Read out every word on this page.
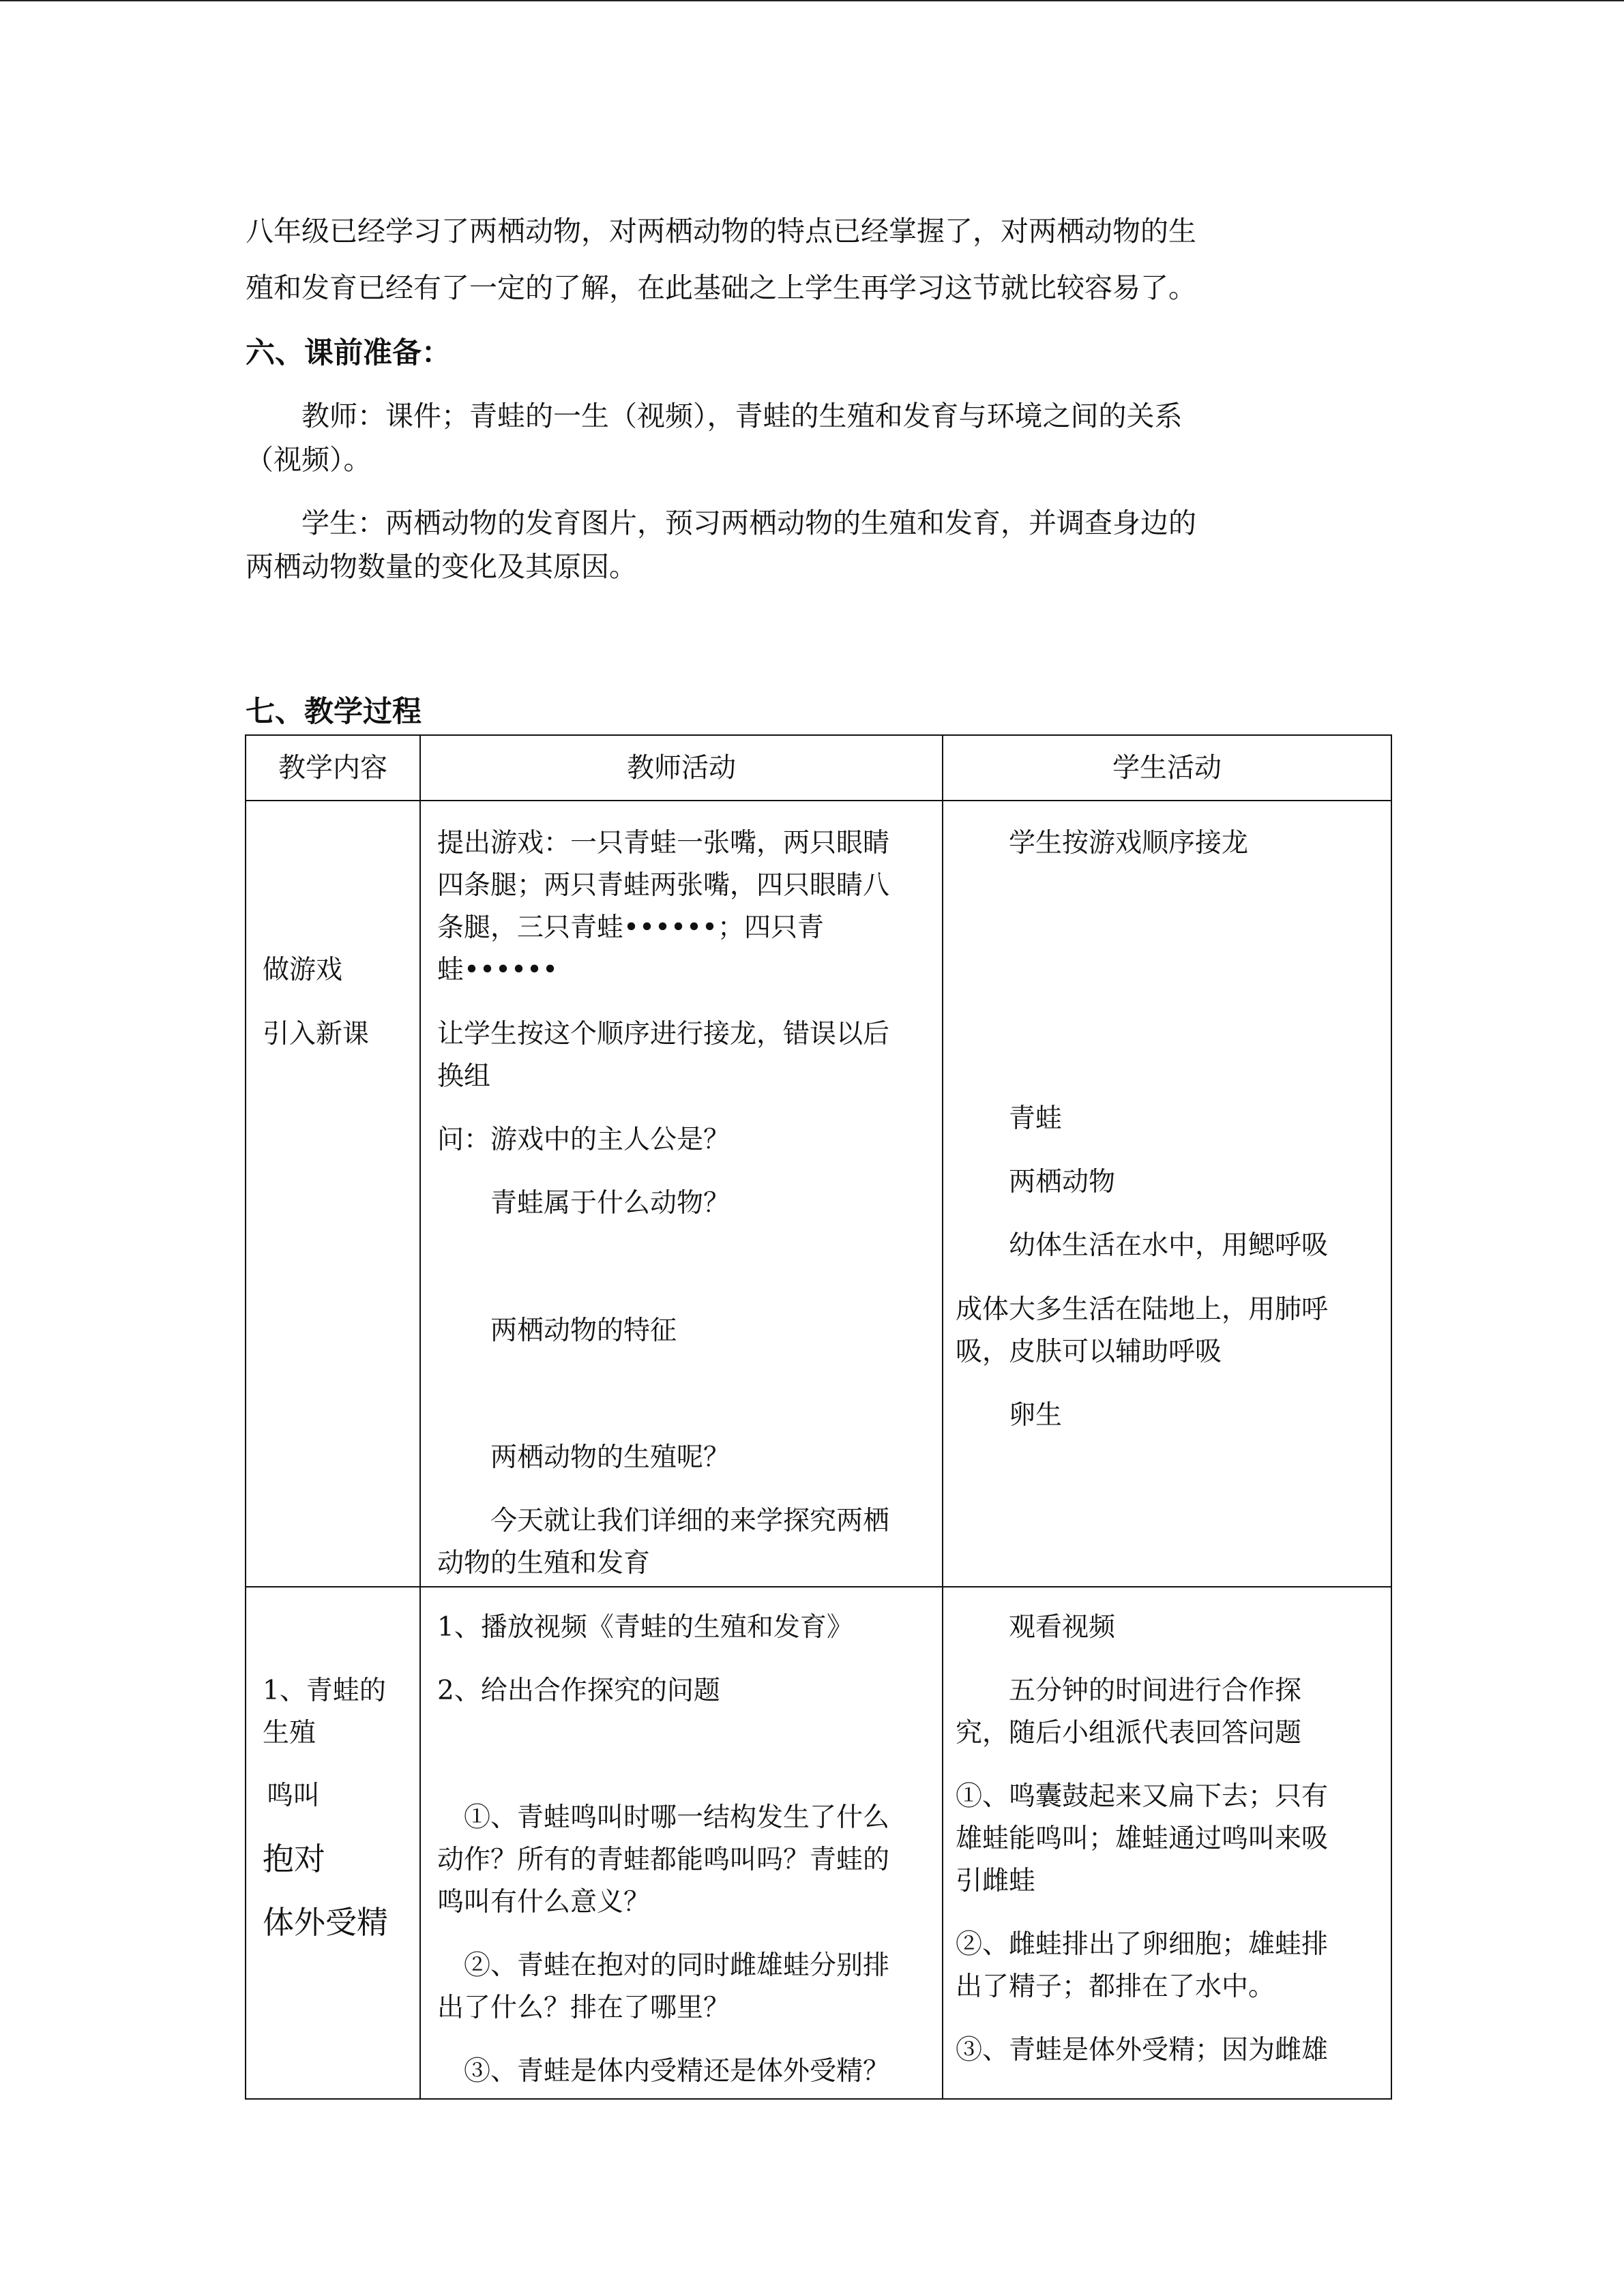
八年级已经学习了两栖动物，对两栖动物的特点已经掌握了，对两栖动物的生

殖和发育已经有了一定的了解，在此基础之上学生再学习这节就比较容易了。

六、课前准备：

　　教师：课件；青蛙的一生（视频），青蛙的生殖和发育与环境之间的关系

（视频）。

　　学生：两栖动物的发育图片，预习两栖动物的生殖和发育，并调查身边的

两栖动物数量的变化及其原因。

七、教学过程

教学内容	教师活动	学生活动

做游戏

引入新课

提出游戏：一只青蛙一张嘴，两只眼睛

四条腿；两只青蛙两张嘴，四只眼睛八

条腿，三只青蛙••••••；四只青

蛙••••••

让学生按这个顺序进行接龙，错误以后

换组

问：游戏中的主人公是？

　　青蛙属于什么动物？

　　两栖动物的特征

　　两栖动物的生殖呢？

　　今天就让我们详细的来学探究两栖

动物的生殖和发育

　　学生按游戏顺序接龙

　　青蛙

　　两栖动物

　　幼体生活在水中，用鳃呼吸

成体大多生活在陆地上，用肺呼

吸，皮肤可以辅助呼吸

　　卵生

1、青蛙的

生殖

鸣叫

抱对

体外受精

1、播放视频《青蛙的生殖和发育》

2、给出合作探究的问题

　①、青蛙鸣叫时哪一结构发生了什么

动作？所有的青蛙都能鸣叫吗？青蛙的

鸣叫有什么意义？

　②、青蛙在抱对的同时雌雄蛙分别排

出了什么？排在了哪里？

　③、青蛙是体内受精还是体外受精？

　　观看视频

　　五分钟的时间进行合作探

究，随后小组派代表回答问题

①、鸣囊鼓起来又扁下去；只有

雄蛙能鸣叫；雄蛙通过鸣叫来吸

引雌蛙

②、雌蛙排出了卵细胞；雄蛙排

出了精子；都排在了水中。

③、青蛙是体外受精；因为雌雄
